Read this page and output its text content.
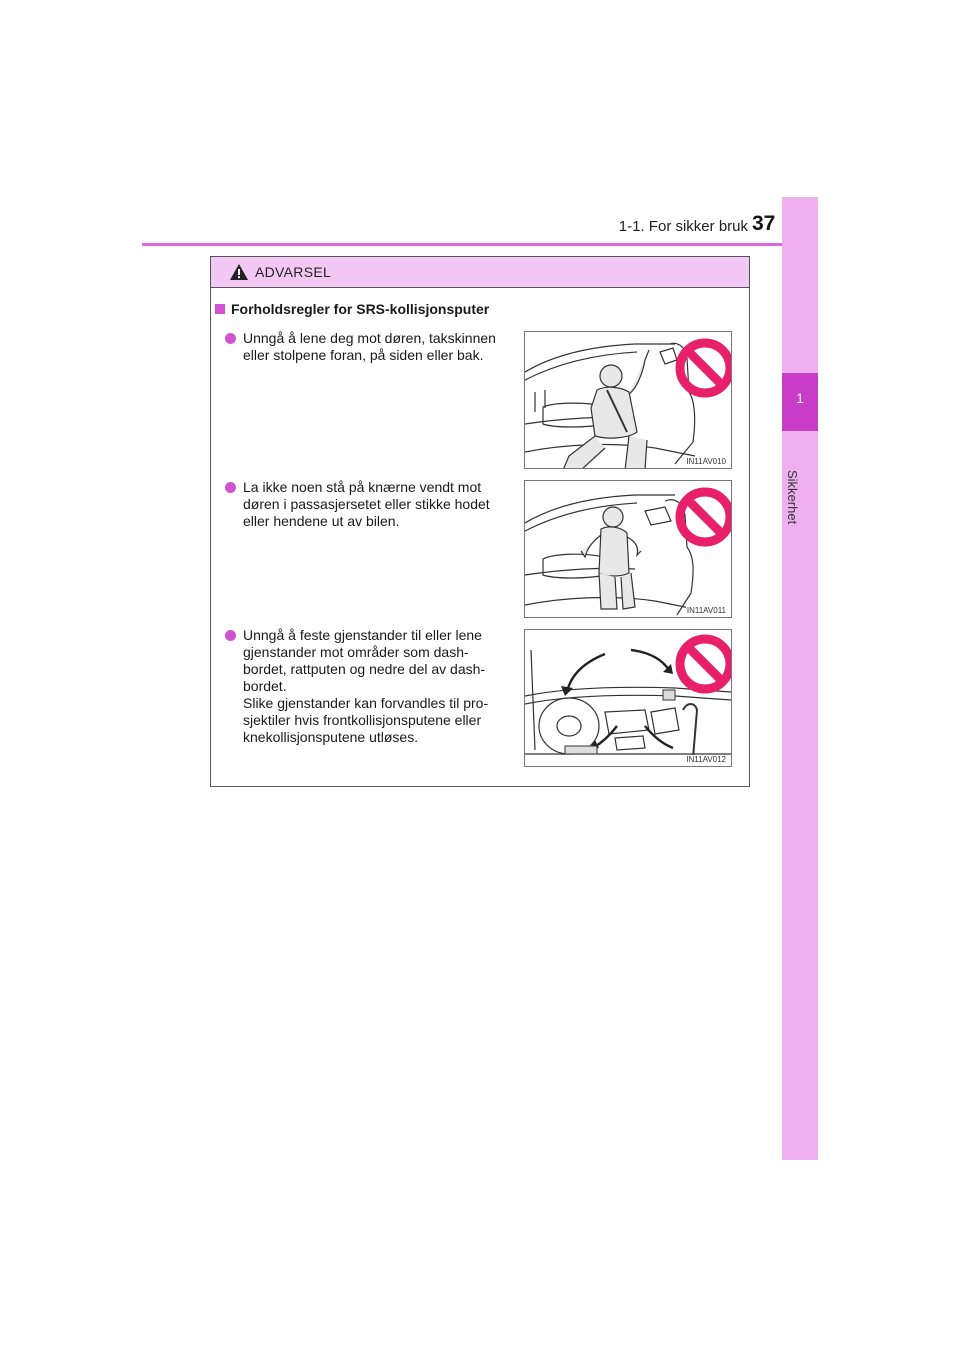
1-1. For sikker bruk 37
1
Sikkerhet
ADVARSEL
Forholdsregler for SRS-kollisjonsputer
Unngå å lene deg mot døren, takskinnen
eller stolpene foran, på siden eller bak.
IN11AV010
La ikke noen stå på knærne vendt mot
døren i passasjersetet eller stikke hodet
eller hendene ut av bilen.
IN11AV011
Unngå å feste gjenstander til eller lene
gjenstander mot områder som dash-
bordet, rattputen og nedre del av dash-
bordet.
Slike gjenstander kan forvandles til pro-
sjektiler hvis frontkollisjonsputene eller
knekollisjonsputene utløses.
IN11AV012
